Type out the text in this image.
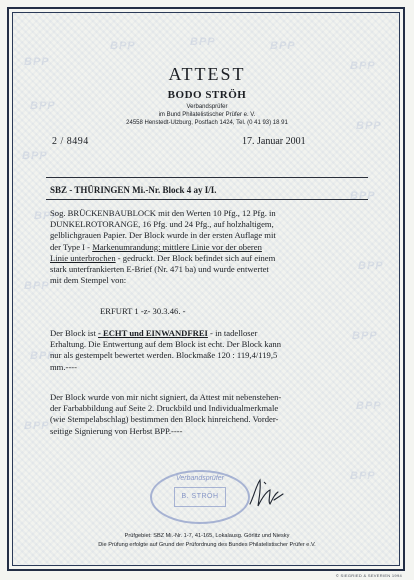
BPP
BPP
BPP
BPP
BPP
BPP
BPP
BPP
BPP
BPP
BPP
BPP
BPP
BPP
BPP
BPP	BPP
ATTEST
BODO STRÖH
Verbandsprüfer
im Bund Philatelistischer Prüfer e. V.
24558 Henstedt-Ulzburg, Postfach 1424, Tel. (0 41 93) 18 91
2 / 8494	17. Januar 2001
SBZ - THÜRINGEN Mi.-Nr. Block 4 ay I/I.
Sog. BRÜCKENBAUBLOCK mit den Werten 10 Pfg., 12 Pfg. in
DUNKELROTORANGE, 16 Pfg. und 24 Pfg., auf holzhaltigem,
gelblichgrauen Papier. Der Block wurde in der ersten Auflage mit
der Type I - Markenumrandung: mittlere Linie vor der oberen
Linie unterbrochen - gedruckt. Der Block befindet sich auf einem
stark unterfrankierten E-Brief (Nr. 471 ba) und wurde entwertet
mit dem Stempel von:
ERFURT 1 -z- 30.3.46. -
Der Block ist - ECHT und EINWANDFREI - in tadelloser
Erhaltung. Die Entwertung auf dem Block ist echt. Der Block kann
nur als gestempelt bewertet werden. Blockmaße 120 : 119,4/119,5
mm.----
Der Block wurde von mir nicht signiert, da Attest mit nebenstehen-
der Farbabbildung auf Seite 2. Druckbild und Individualmerkmale
(wie Stempelabschlag) bestimmen den Block hinreichend. Vorder-
seitige Signierung von Herbst BPP.----
Verbandsprüfer
B. STRÖH
Prüfgebiet: SBZ Mi.-Nr. 1-7, 41-165, Lokalausg. Görlitz und Niesky
Die Prüfung erfolgte auf Grund der Prüfordnung des Bundes Philatelistischer Prüfer e.V.
© SIEGRIED & SEVERIEN 1994
